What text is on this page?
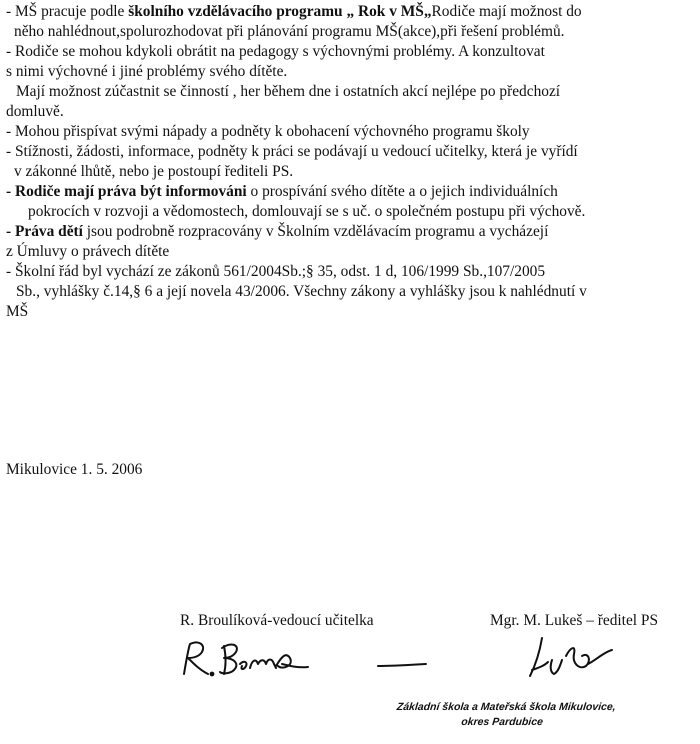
- MŠ pracuje podle školního vzdělávacího programu „ Rok v MŠ„Rodiče mají možnost do
něho nahlédnout,spolurozhodovat při plánování programu MŠ(akce),při řešení problémů.
- Rodiče se mohou kdykoli obrátit na pedagogy s výchovnými problémy. A konzultovat
s nimi výchovné i jiné problémy svého dítěte.
Mají možnost zúčastnit se činností , her během dne i ostatních akcí nejlépe po předchozí
domluvě.
- Mohou přispívat svými nápady a podněty k obohacení výchovného programu školy
- Stížnosti, žádosti, informace, podněty k práci se podávají u vedoucí učitelky, která je vyřídí
v zákonné lhůtě, nebo je postoupí řediteli PS.
- Rodiče mají práva být informováni o prospívání svého dítěte a o jejich individuálních
pokrocích v rozvoji a vědomostech, domlouvají se s uč. o společném postupu při výchově.
- Práva dětí jsou podrobně rozpracovány v Školním vzdělávacím programu a vycházejí
z Úmluvy o právech dítěte
- Školní řád byl vychází ze zákonů 561/2004Sb.;§ 35, odst. 1 d, 106/1999 Sb.,107/2005
Sb., vyhlášky č.14,§ 6 a její novela 43/2006. Všechny zákony a vyhlášky jsou k nahlédnutí v
MŠ
Mikulovice 1. 5. 2006
R. Broulíková-vedoucí učitelka	Mgr. M. Lukeš – ředitel PS
Základní škola a Mateřská škola Mikulovice,
okres Pardubice
